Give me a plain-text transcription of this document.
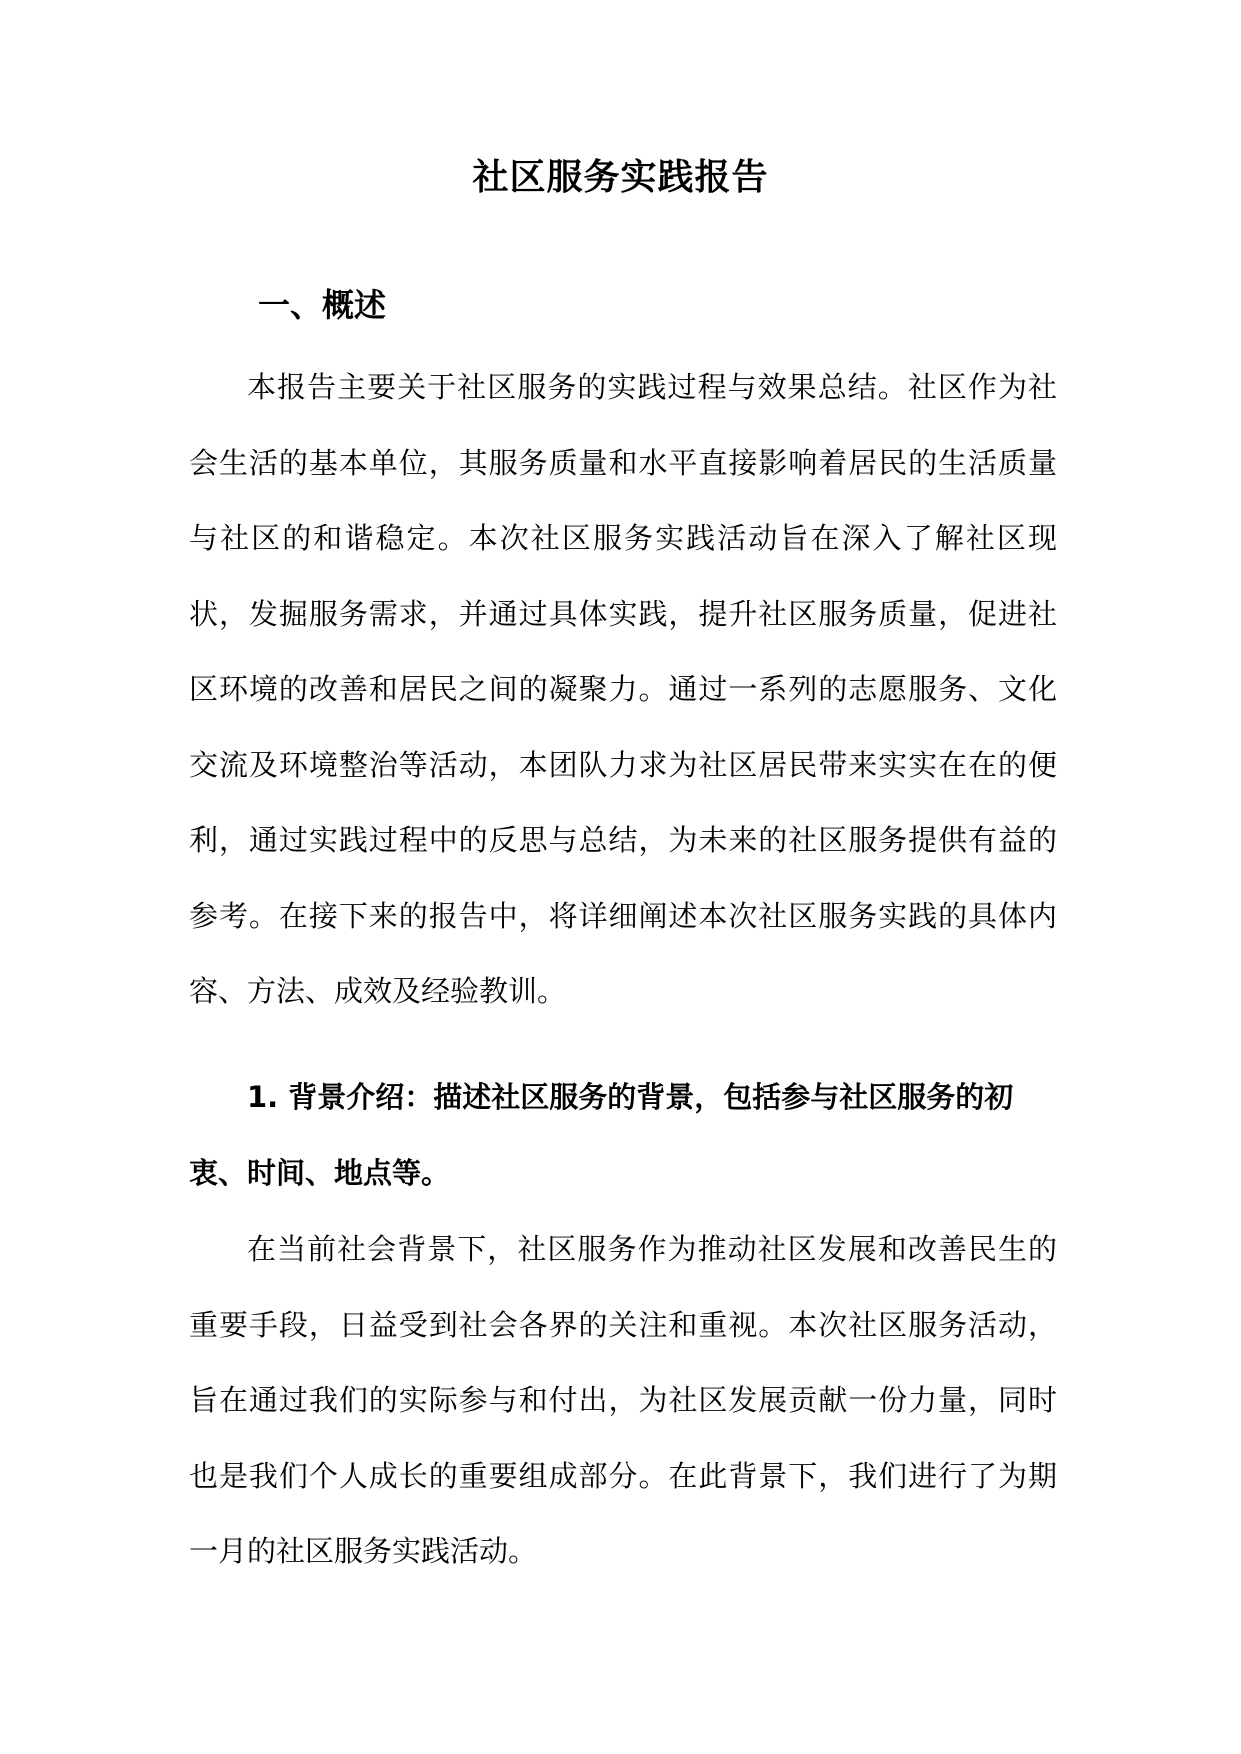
社区服务实践报告
一、概述

本报告主要关于社区服务的实践过程与效果总结。社区作为社会生活的基本单位，其服务质量和水平直接影响着居民的生活质量与社区的和谐稳定。本次社区服务实践活动旨在深入了解社区现状，发掘服务需求，并通过具体实践，提升社区服务质量，促进社区环境的改善和居民之间的凝聚力。通过一系列的志愿服务、文化交流及环境整治等活动，本团队力求为社区居民带来实实在在的便利，通过实践过程中的反思与总结，为未来的社区服务提供有益的参考。在接下来的报告中，将详细阐述本次社区服务实践的具体内容、方法、成效及经验教训。

1. 背景介绍：描述社区服务的背景，包括参与社区服务的初衷、时间、地点等。

在当前社会背景下，社区服务作为推动社区发展和改善民生的重要手段，日益受到社会各界的关注和重视。本次社区服务活动，旨在通过我们的实际参与和付出，为社区发展贡献一份力量，同时也是我们个人成长的重要组成部分。在此背景下，我们进行了为期一月的社区服务实践活动。
